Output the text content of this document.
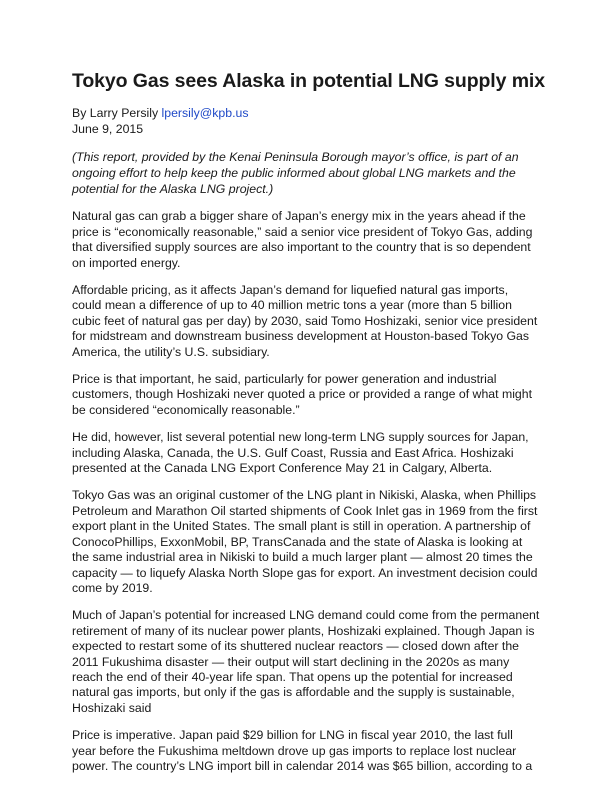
Tokyo Gas sees Alaska in potential LNG supply mix

By Larry Persily lpersily@kpb.us

June 9, 2015

(This report, provided by the Kenai Peninsula Borough mayor’s office, is part of an ongoing effort to help keep the public informed about global LNG markets and the potential for the Alaska LNG project.)

Natural gas can grab a bigger share of Japan’s energy mix in the years ahead if the price is “economically reasonable,” said a senior vice president of Tokyo Gas, adding that diversified supply sources are also important to the country that is so dependent on imported energy.

Affordable pricing, as it affects Japan’s demand for liquefied natural gas imports, could mean a difference of up to 40 million metric tons a year (more than 5 billion cubic feet of natural gas per day) by 2030, said Tomo Hoshizaki, senior vice president for midstream and downstream business development at Houston-based Tokyo Gas America, the utility’s U.S. subsidiary.

Price is that important, he said, particularly for power generation and industrial customers, though Hoshizaki never quoted a price or provided a range of what might be considered “economically reasonable.”

He did, however, list several potential new long-term LNG supply sources for Japan, including Alaska, Canada, the U.S. Gulf Coast, Russia and East Africa. Hoshizaki presented at the Canada LNG Export Conference May 21 in Calgary, Alberta.

Tokyo Gas was an original customer of the LNG plant in Nikiski, Alaska, when Phillips Petroleum and Marathon Oil started shipments of Cook Inlet gas in 1969 from the first export plant in the United States. The small plant is still in operation. A partnership of ConocoPhillips, ExxonMobil, BP, TransCanada and the state of Alaska is looking at the same industrial area in Nikiski to build a much larger plant — almost 20 times the capacity — to liquefy Alaska North Slope gas for export. An investment decision could come by 2019.

Much of Japan’s potential for increased LNG demand could come from the permanent retirement of many of its nuclear power plants, Hoshizaki explained. Though Japan is expected to restart some of its shuttered nuclear reactors — closed down after the 2011 Fukushima disaster — their output will start declining in the 2020s as many reach the end of their 40-year life span. That opens up the potential for increased natural gas imports, but only if the gas is affordable and the supply is sustainable, Hoshizaki said

Price is imperative. Japan paid $29 billion for LNG in fiscal year 2010, the last full year before the Fukushima meltdown drove up gas imports to replace lost nuclear power. The country’s LNG import bill in calendar 2014 was $65 billion, according to a
